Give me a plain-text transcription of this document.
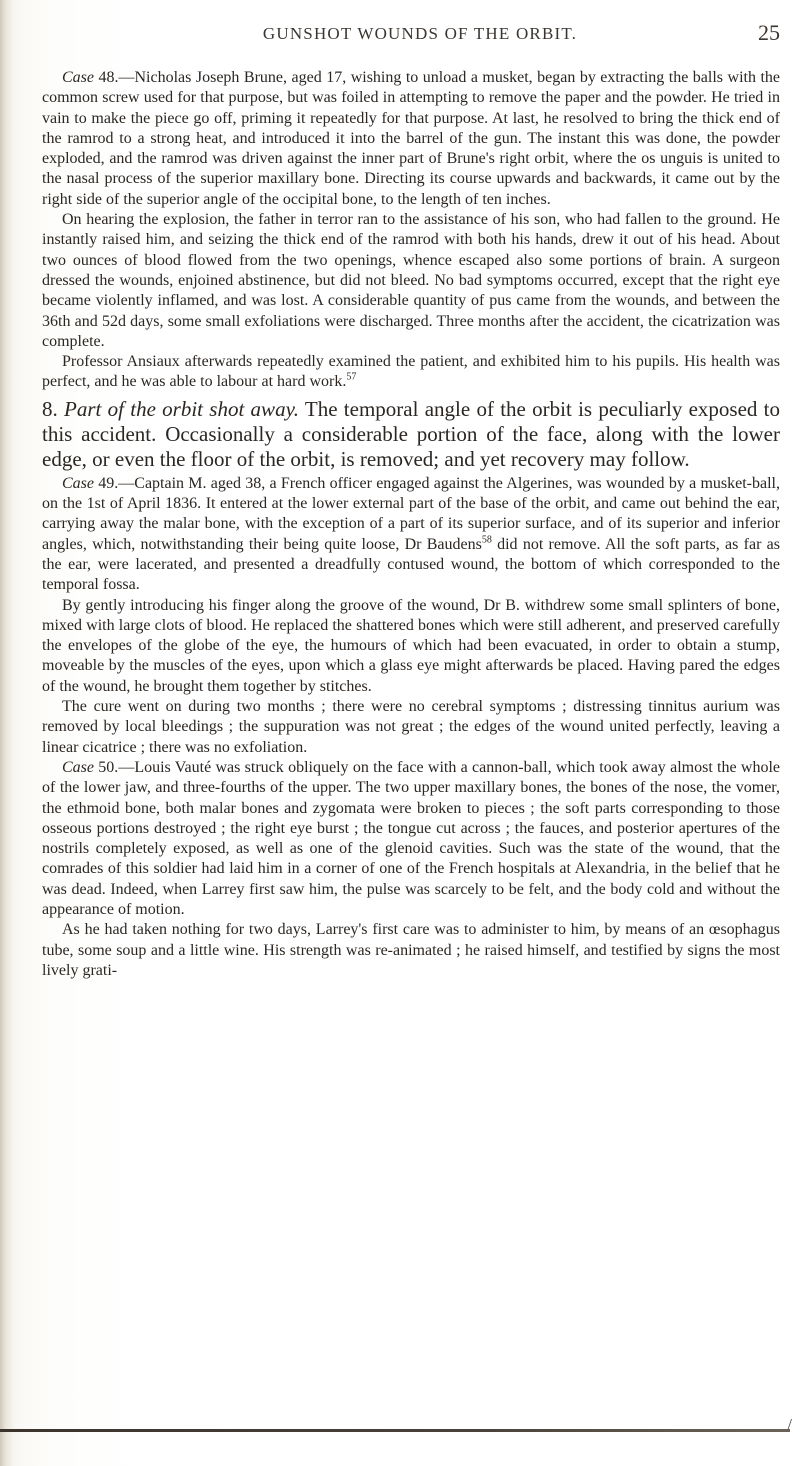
GUNSHOT WOUNDS OF THE ORBIT.	25

Case 48.—Nicholas Joseph Brune, aged 17, wishing to unload a musket, began by extracting the balls with the common screw used for that purpose, but was foiled in attempting to remove the paper and the powder. He tried in vain to make the piece go off, priming it repeatedly for that purpose. At last, he resolved to bring the thick end of the ramrod to a strong heat, and introduced it into the barrel of the gun. The instant this was done, the powder exploded, and the ramrod was driven against the inner part of Brune's right orbit, where the os unguis is united to the nasal process of the superior maxillary bone. Directing its course upwards and backwards, it came out by the right side of the superior angle of the occipital bone, to the length of ten inches.

On hearing the explosion, the father in terror ran to the assistance of his son, who had fallen to the ground. He instantly raised him, and seizing the thick end of the ramrod with both his hands, drew it out of his head. About two ounces of blood flowed from the two openings, whence escaped also some portions of brain. A surgeon dressed the wounds, enjoined abstinence, but did not bleed. No bad symptoms occurred, except that the right eye became violently inflamed, and was lost. A considerable quantity of pus came from the wounds, and between the 36th and 52d days, some small exfoliations were discharged. Three months after the accident, the cicatrization was complete.

Professor Ansiaux afterwards repeatedly examined the patient, and exhibited him to his pupils. His health was perfect, and he was able to labour at hard work.$^{57}$

8. Part of the orbit shot away. The temporal angle of the orbit is peculiarly exposed to this accident. Occasionally a considerable portion of the face, along with the lower edge, or even the floor of the orbit, is removed; and yet recovery may follow.

Case 49.—Captain M. aged 38, a French officer engaged against the Algerines, was wounded by a musket-ball, on the 1st of April 1836. It entered at the lower external part of the base of the orbit, and came out behind the ear, carrying away the malar bone, with the exception of a part of its superior surface, and of its superior and inferior angles, which, notwithstanding their being quite loose, Dr Baudens$^{58}$ did not remove. All the soft parts, as far as the ear, were lacerated, and presented a dreadfully contused wound, the bottom of which corresponded to the temporal fossa.

By gently introducing his finger along the groove of the wound, Dr B. withdrew some small splinters of bone, mixed with large clots of blood. He replaced the shattered bones which were still adherent, and preserved carefully the envelopes of the globe of the eye, the humours of which had been evacuated, in order to obtain a stump, moveable by the muscles of the eyes, upon which a glass eye might afterwards be placed. Having pared the edges of the wound, he brought them together by stitches.

The cure went on during two months ; there were no cerebral symptoms ; distressing tinnitus aurium was removed by local bleedings ; the suppuration was not great ; the edges of the wound united perfectly, leaving a linear cicatrice ; there was no exfoliation.

Case 50.—Louis Vauté was struck obliquely on the face with a cannon-ball, which took away almost the whole of the lower jaw, and three-fourths of the upper. The two upper maxillary bones, the bones of the nose, the vomer, the ethmoid bone, both malar bones and zygomata were broken to pieces ; the soft parts corresponding to those osseous portions destroyed ; the right eye burst ; the tongue cut across ; the fauces, and posterior apertures of the nostrils completely exposed, as well as one of the glenoid cavities. Such was the state of the wound, that the comrades of this soldier had laid him in a corner of one of the French hospitals at Alexandria, in the belief that he was dead. Indeed, when Larrey first saw him, the pulse was scarcely to be felt, and the body cold and without the appearance of motion.

As he had taken nothing for two days, Larrey's first care was to administer to him, by means of an œsophagus tube, some soup and a little wine. His strength was re-animated ; he raised himself, and testified by signs the most lively grati-

/
